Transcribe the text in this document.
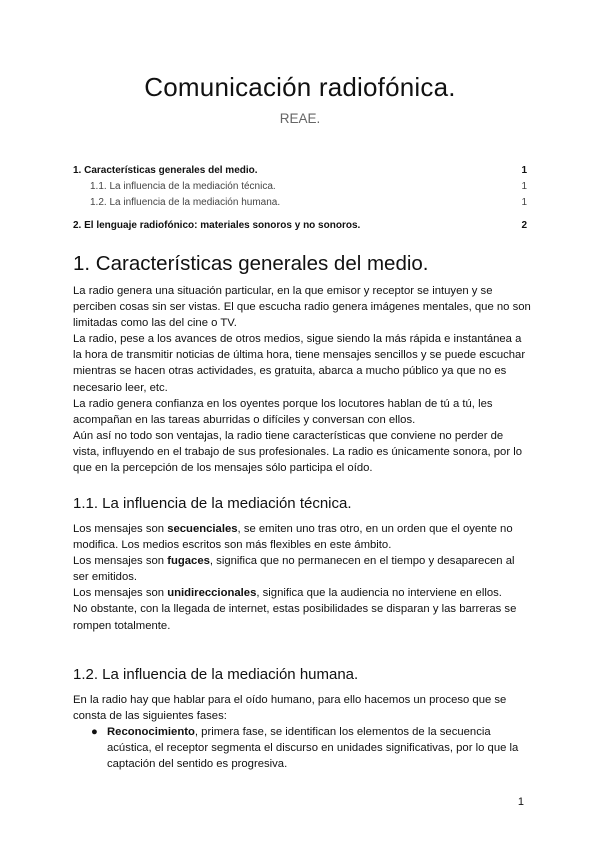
Comunicación radiofónica.
REAE.
1. Características generales del medio.	1
1.1. La influencia de la mediación técnica.	1
1.2. La influencia de la mediación humana.	1
2. El lenguaje radiofónico: materiales sonoros y no sonoros.	2
1. Características generales del medio.

La radio genera una situación particular, en la que emisor y receptor se intuyen y se perciben cosas sin ser vistas. El que escucha radio genera imágenes mentales, que no son limitadas como las del cine o TV.

La radio, pese a los avances de otros medios, sigue siendo la más rápida e instantánea a la hora de transmitir noticias de última hora, tiene mensajes sencillos y se puede escuchar mientras se hacen otras actividades, es gratuita, abarca a mucho público ya que no es necesario leer, etc.

La radio genera confianza en los oyentes porque los locutores hablan de tú a tú, les acompañan en las tareas aburridas o difíciles y conversan con ellos.

Aún así no todo son ventajas, la radio tiene características que conviene no perder de vista, influyendo en el trabajo de sus profesionales. La radio es únicamente sonora, por lo que en la percepción de los mensajes sólo participa el oído.

1.1. La influencia de la mediación técnica.

Los mensajes son secuenciales, se emiten uno tras otro, en un orden que el oyente no modifica. Los medios escritos son más flexibles en este ámbito.

Los mensajes son fugaces, significa que no permanecen en el tiempo y desaparecen al ser emitidos.

Los mensajes son unidireccionales, significa que la audiencia no interviene en ellos.

No obstante, con la llegada de internet, estas posibilidades se disparan y las barreras se rompen totalmente.

1.2. La influencia de la mediación humana.

En la radio hay que hablar para el oído humano, para ello hacemos un proceso que se consta de las siguientes fases:

● Reconocimiento, primera fase, se identifican los elementos de la secuencia acústica, el receptor segmenta el discurso en unidades significativas, por lo que la captación del sentido es progresiva.
1
